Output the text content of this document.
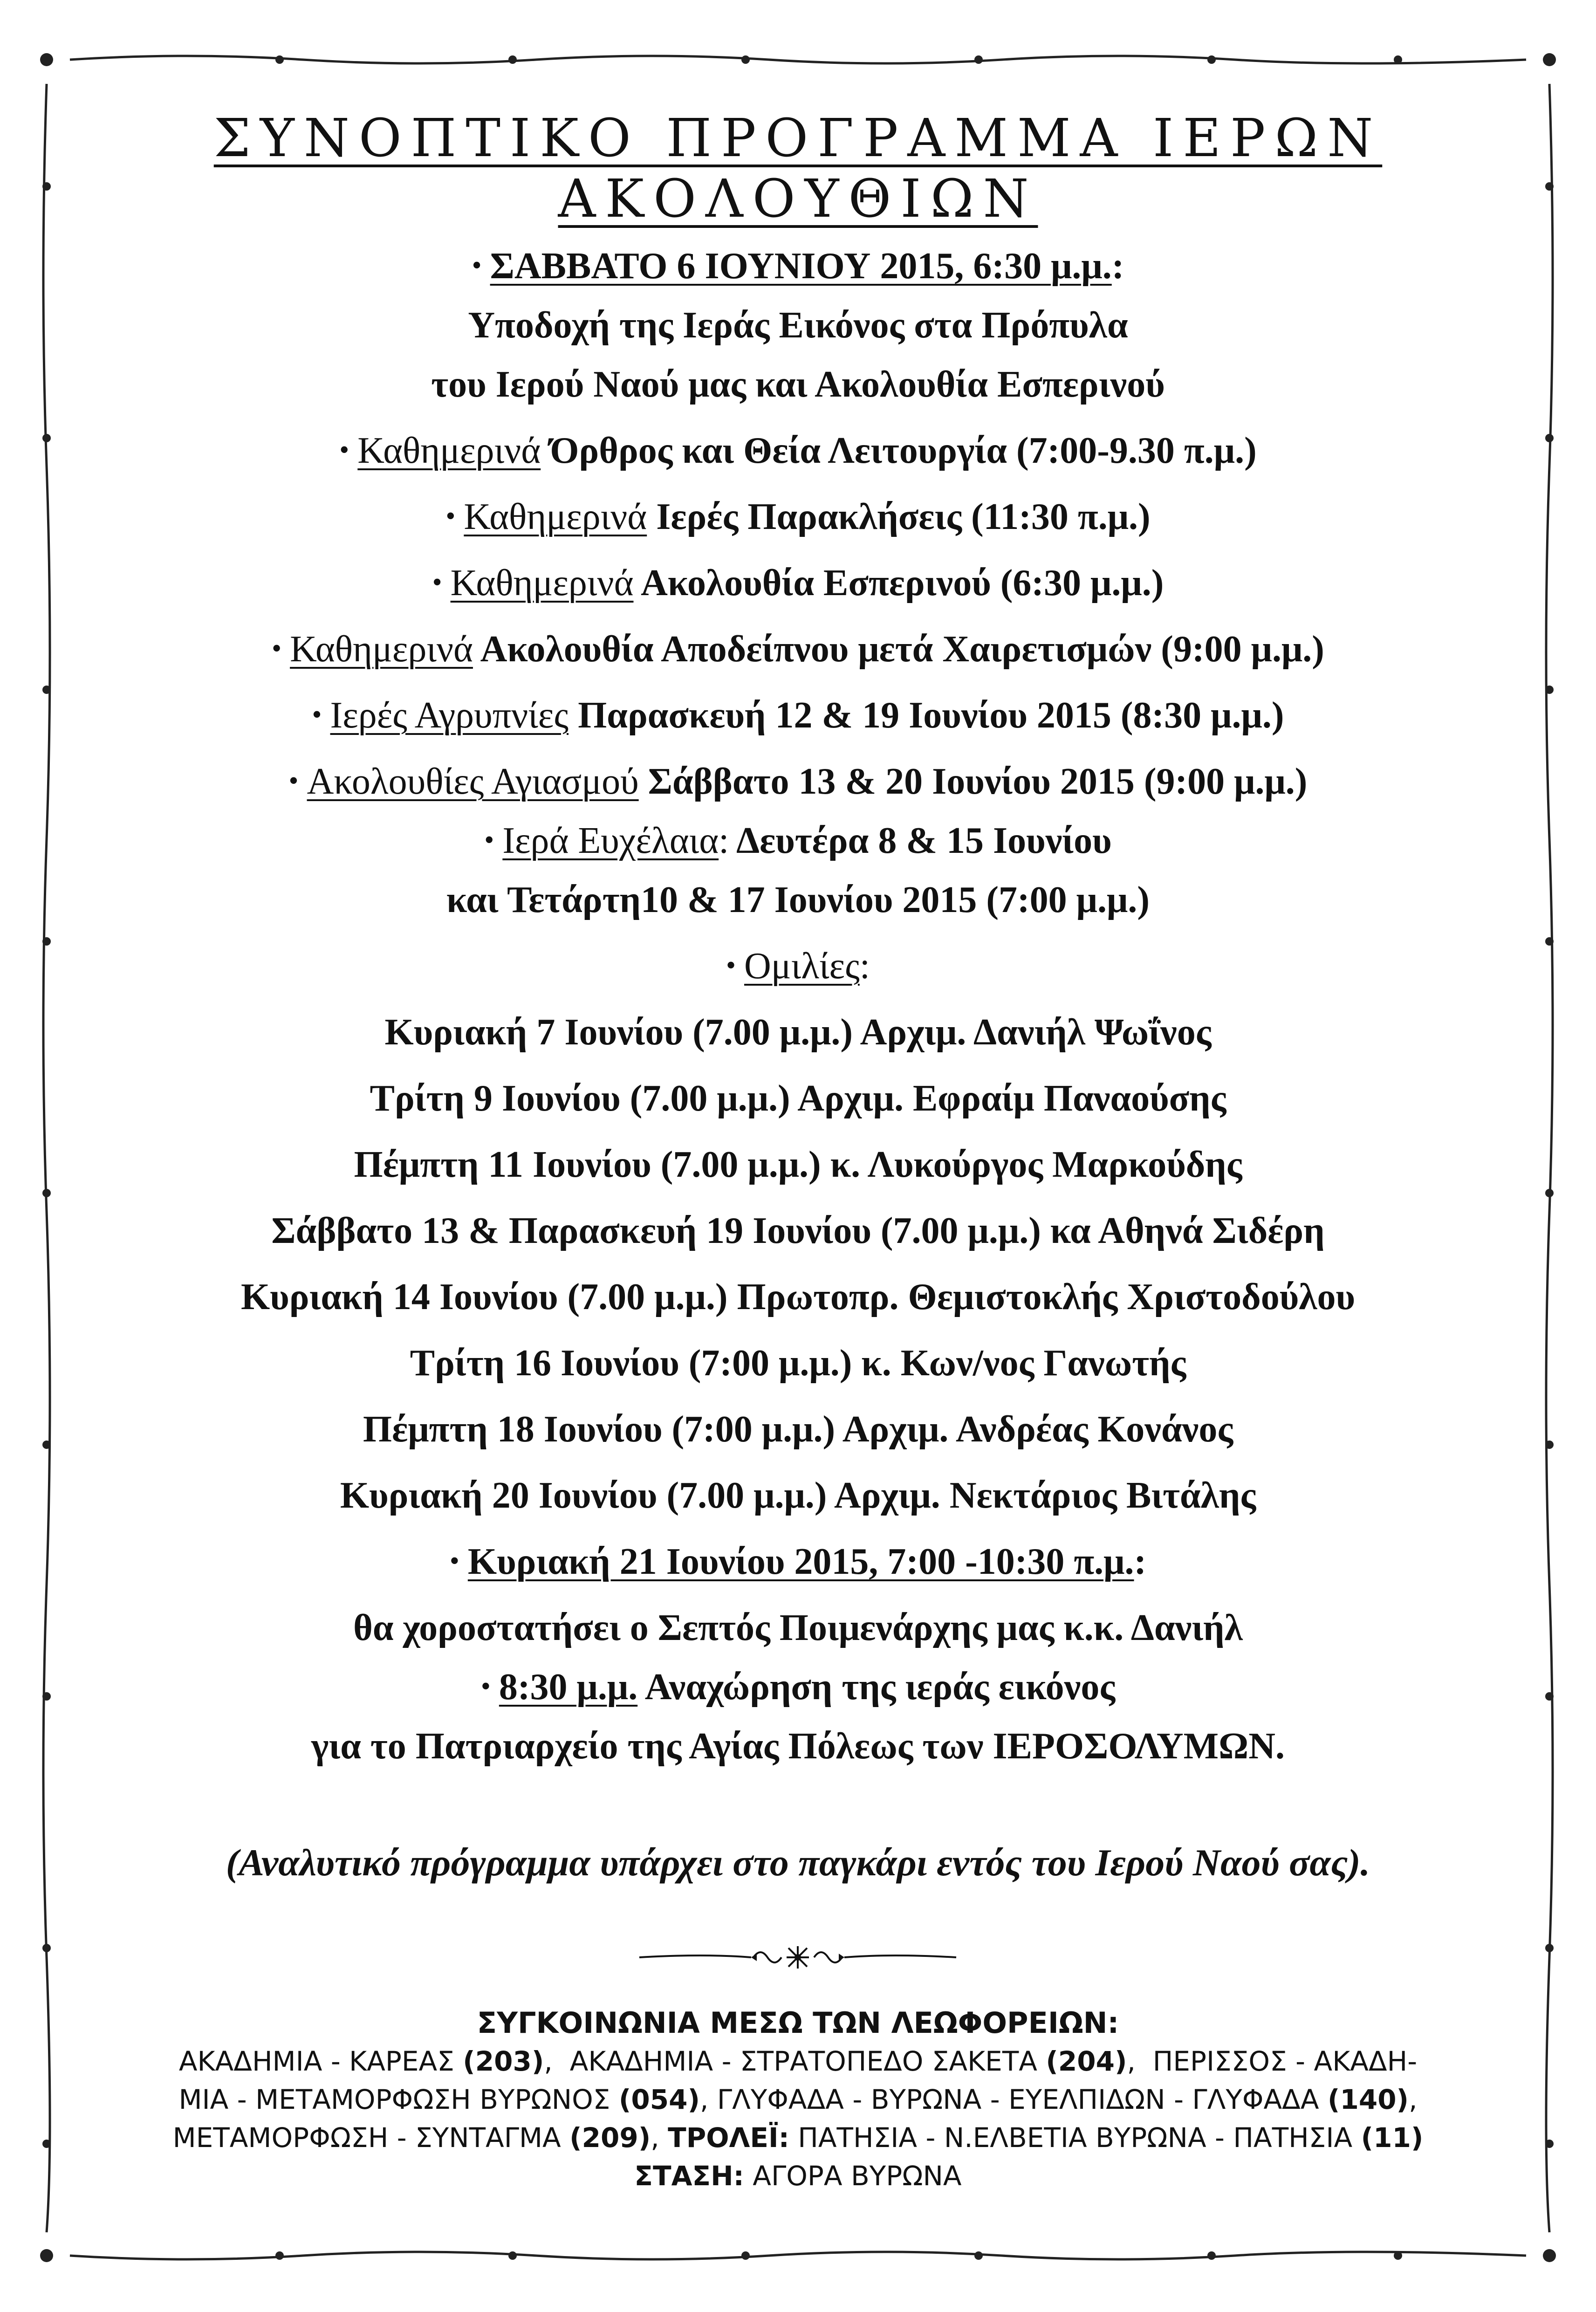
ΣΥΝΟΠΤΙΚΟ ΠΡΟΓΡΑΜΜΑ ΙΕΡΩΝ ΑΚΟΛΟΥΘΙΩΝ
• ΣΑΒΒΑΤΟ 6 ΙΟΥΝΙΟΥ 2015, 6:30 μ.μ.:
Υποδοχή της Ιεράς Εικόνος στα Πρόπυλα
του Ιερού Ναού μας και Ακολουθία Εσπερινού
• Καθημερινά Όρθρος και Θεία Λειτουργία (7:00-9.30 π.μ.)
• Καθημερινά Ιερές Παρακλήσεις (11:30 π.μ.)
• Καθημερινά Ακολουθία Εσπερινού (6:30 μ.μ.)
• Καθημερινά Ακολουθία Αποδείπνου μετά Χαιρετισμών (9:00 μ.μ.)
• Ιερές Αγρυπνίες Παρασκευή 12 & 19 Ιουνίου 2015 (8:30 μ.μ.)
• Ακολουθίες Αγιασμού Σάββατο 13 & 20 Ιουνίου 2015 (9:00 μ.μ.)
• Ιερά Ευχέλαια: Δευτέρα 8 & 15 Ιουνίου
και Τετάρτη10 & 17 Ιουνίου 2015 (7:00 μ.μ.)
• Ομιλίες:
Κυριακή 7 Ιουνίου (7.00 μ.μ.) Αρχιμ. Δανιήλ Ψωΐνος
Τρίτη 9 Ιουνίου (7.00 μ.μ.) Αρχιμ. Εφραίμ Παναούσης
Πέμπτη 11 Ιουνίου (7.00 μ.μ.) κ. Λυκούργος Μαρκούδης
Σάββατο 13 & Παρασκευή 19 Ιουνίου (7.00 μ.μ.) κα Αθηνά Σιδέρη
Κυριακή 14 Ιουνίου (7.00 μ.μ.) Πρωτοπρ. Θεμιστοκλής Χριστοδούλου
Τρίτη 16 Ιουνίου (7:00 μ.μ.) κ. Κων/νος Γανωτής
Πέμπτη 18 Ιουνίου (7:00 μ.μ.) Αρχιμ. Ανδρέας Κονάνος
Κυριακή 20 Ιουνίου (7.00 μ.μ.) Αρχιμ. Νεκτάριος Βιτάλης
• Κυριακή 21 Ιουνίου 2015, 7:00 -10:30 π.μ.:
θα χοροστατήσει ο Σεπτός Ποιμενάρχης μας κ.κ. Δανιήλ
• 8:30 μ.μ. Αναχώρηση της ιεράς εικόνος
για το Πατριαρχείο της Αγίας Πόλεως των ΙΕΡΟΣΟΛΥΜΩΝ.
(Αναλυτικό πρόγραμμα υπάρχει στο παγκάρι εντός του Ιερού Ναού σας).
ΣΥΓΚΟΙΝΩΝΙΑ ΜΕΣΩ ΤΩΝ ΛΕΩΦΟΡΕΙΩΝ:
ΑΚΑΔΗΜΙΑ - ΚΑΡΕΑΣ (203),  ΑΚΑΔΗΜΙΑ - ΣΤΡΑΤΟΠΕΔΟ ΣΑΚΕΤΑ (204),  ΠΕΡΙΣΣΟΣ - ΑΚΑΔΗ-
ΜΙΑ - ΜΕΤΑΜΟΡΦΩΣΗ ΒΥΡΩΝΟΣ (054), ΓΛΥΦΑΔΑ - ΒΥΡΩΝΑ - ΕΥΕΛΠΙΔΩΝ - ΓΛΥΦΑΔΑ (140),
ΜΕΤΑΜΟΡΦΩΣΗ - ΣΥΝΤΑΓΜΑ (209), ΤΡΟΛΕΪ: ΠΑΤΗΣΙΑ - Ν.ΕΛΒΕΤΙΑ ΒΥΡΩΝΑ - ΠΑΤΗΣΙΑ (11)
ΣΤΑΣΗ: ΑΓΟΡΑ ΒΥΡΩΝΑ
